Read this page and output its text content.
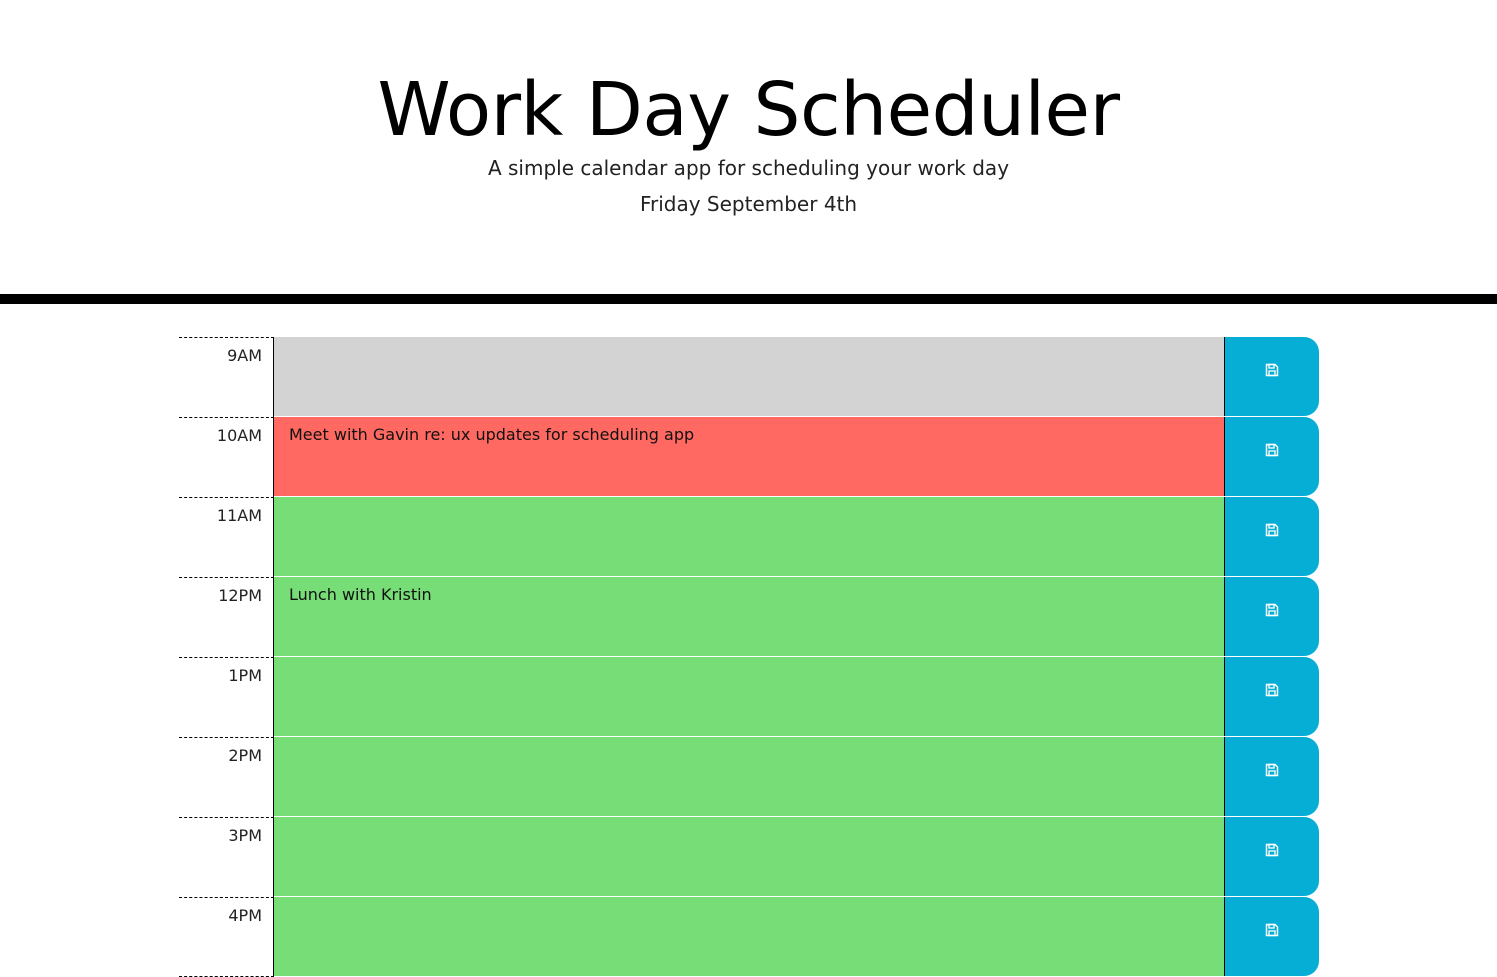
Work Day Scheduler

A simple calendar app for scheduling your work day

Friday September 4th

9AM
10AM
Meet with Gavin re: ux updates for scheduling app
11AM
12PM
Lunch with Kristin
1PM
2PM
3PM
4PM
